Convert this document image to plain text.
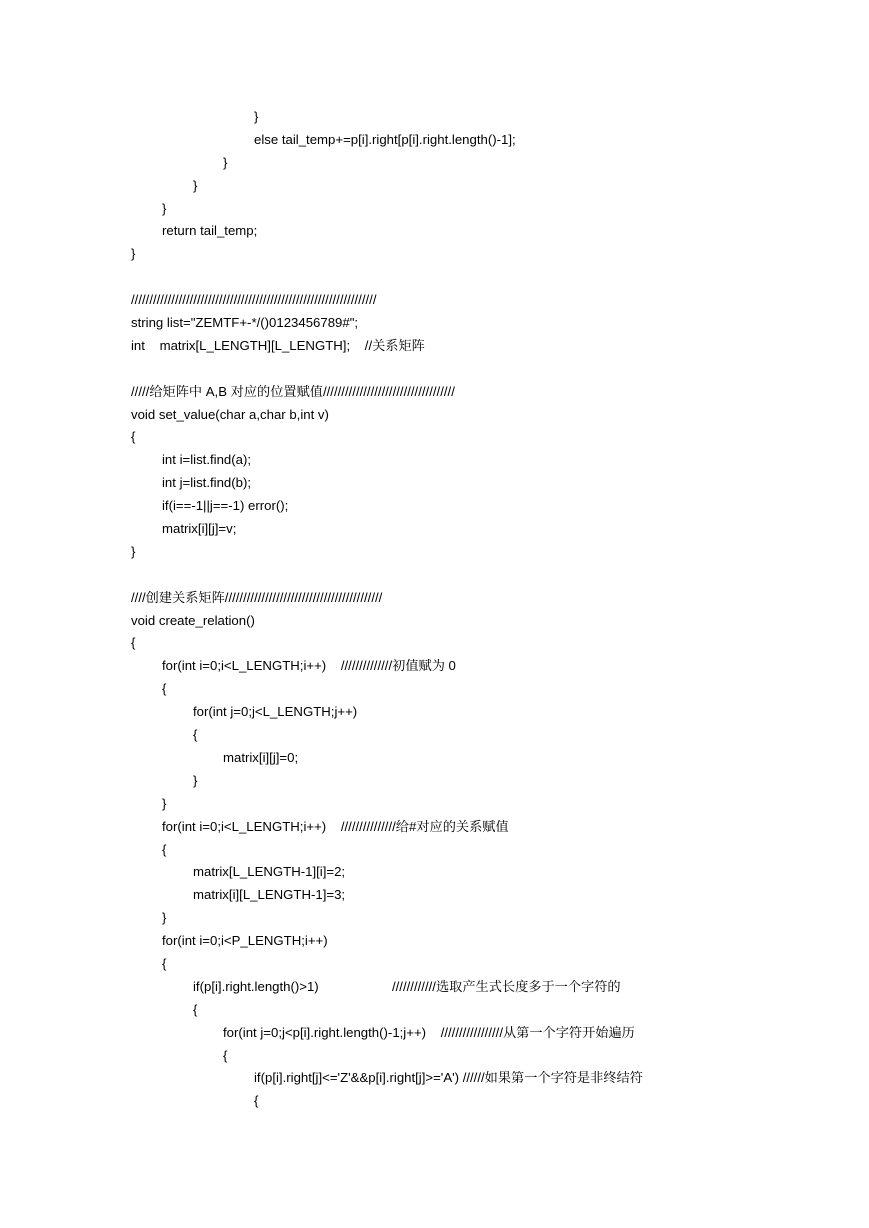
}
else tail_temp+=p[i].right[p[i].right.length()-1];
}
}
}
return tail_temp;
}
///////////////////////////////////////////////////////////////////
string list="ZEMTF+-*/()0123456789#";
int    matrix[L_LENGTH][L_LENGTH];    //关系矩阵
/////给矩阵中 A,B 对应的位置赋值////////////////////////////////////
void set_value(char a,char b,int v)
{
int i=list.find(a);
int j=list.find(b);
if(i==-1||j==-1) error();
matrix[i][j]=v;
}
////创建关系矩阵///////////////////////////////////////////
void create_relation()
{
for(int i=0;i<L_LENGTH;i++)    //////////////初值赋为 0
{
for(int j=0;j<L_LENGTH;j++)
{
matrix[i][j]=0;
}
}
for(int i=0;i<L_LENGTH;i++)    ///////////////给#对应的关系赋值
{
matrix[L_LENGTH-1][i]=2;
matrix[i][L_LENGTH-1]=3;
}
for(int i=0;i<P_LENGTH;i++)
{
if(p[i].right.length()>1)                    ////////////选取产生式长度多于一个字符的
{
for(int j=0;j<p[i].right.length()-1;j++)    /////////////////从第一个字符开始遍历
{
if(p[i].right[j]<='Z'&&p[i].right[j]>='A') //////如果第一个字符是非终结符
{
